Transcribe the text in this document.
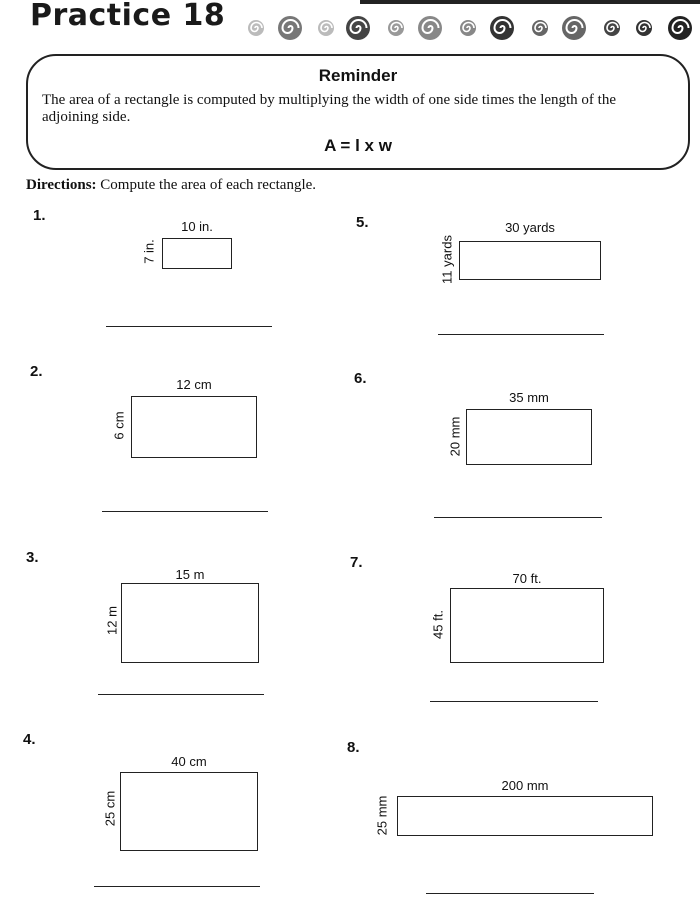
Practice 18
Reminder
The area of a rectangle is computed by multiplying the width of one side times the length of the adjoining side.
A = l x w
Directions: Compute the area of each rectangle.
1.
10 in.
7 in.
2.
12 cm
6 cm
3.
15 m
12 m
4.
40 cm
25 cm
5.	30 yards
11 yards
6.
35 mm
20 mm
7.
70 ft.
45 ft.
8.
200 mm
25 mm
